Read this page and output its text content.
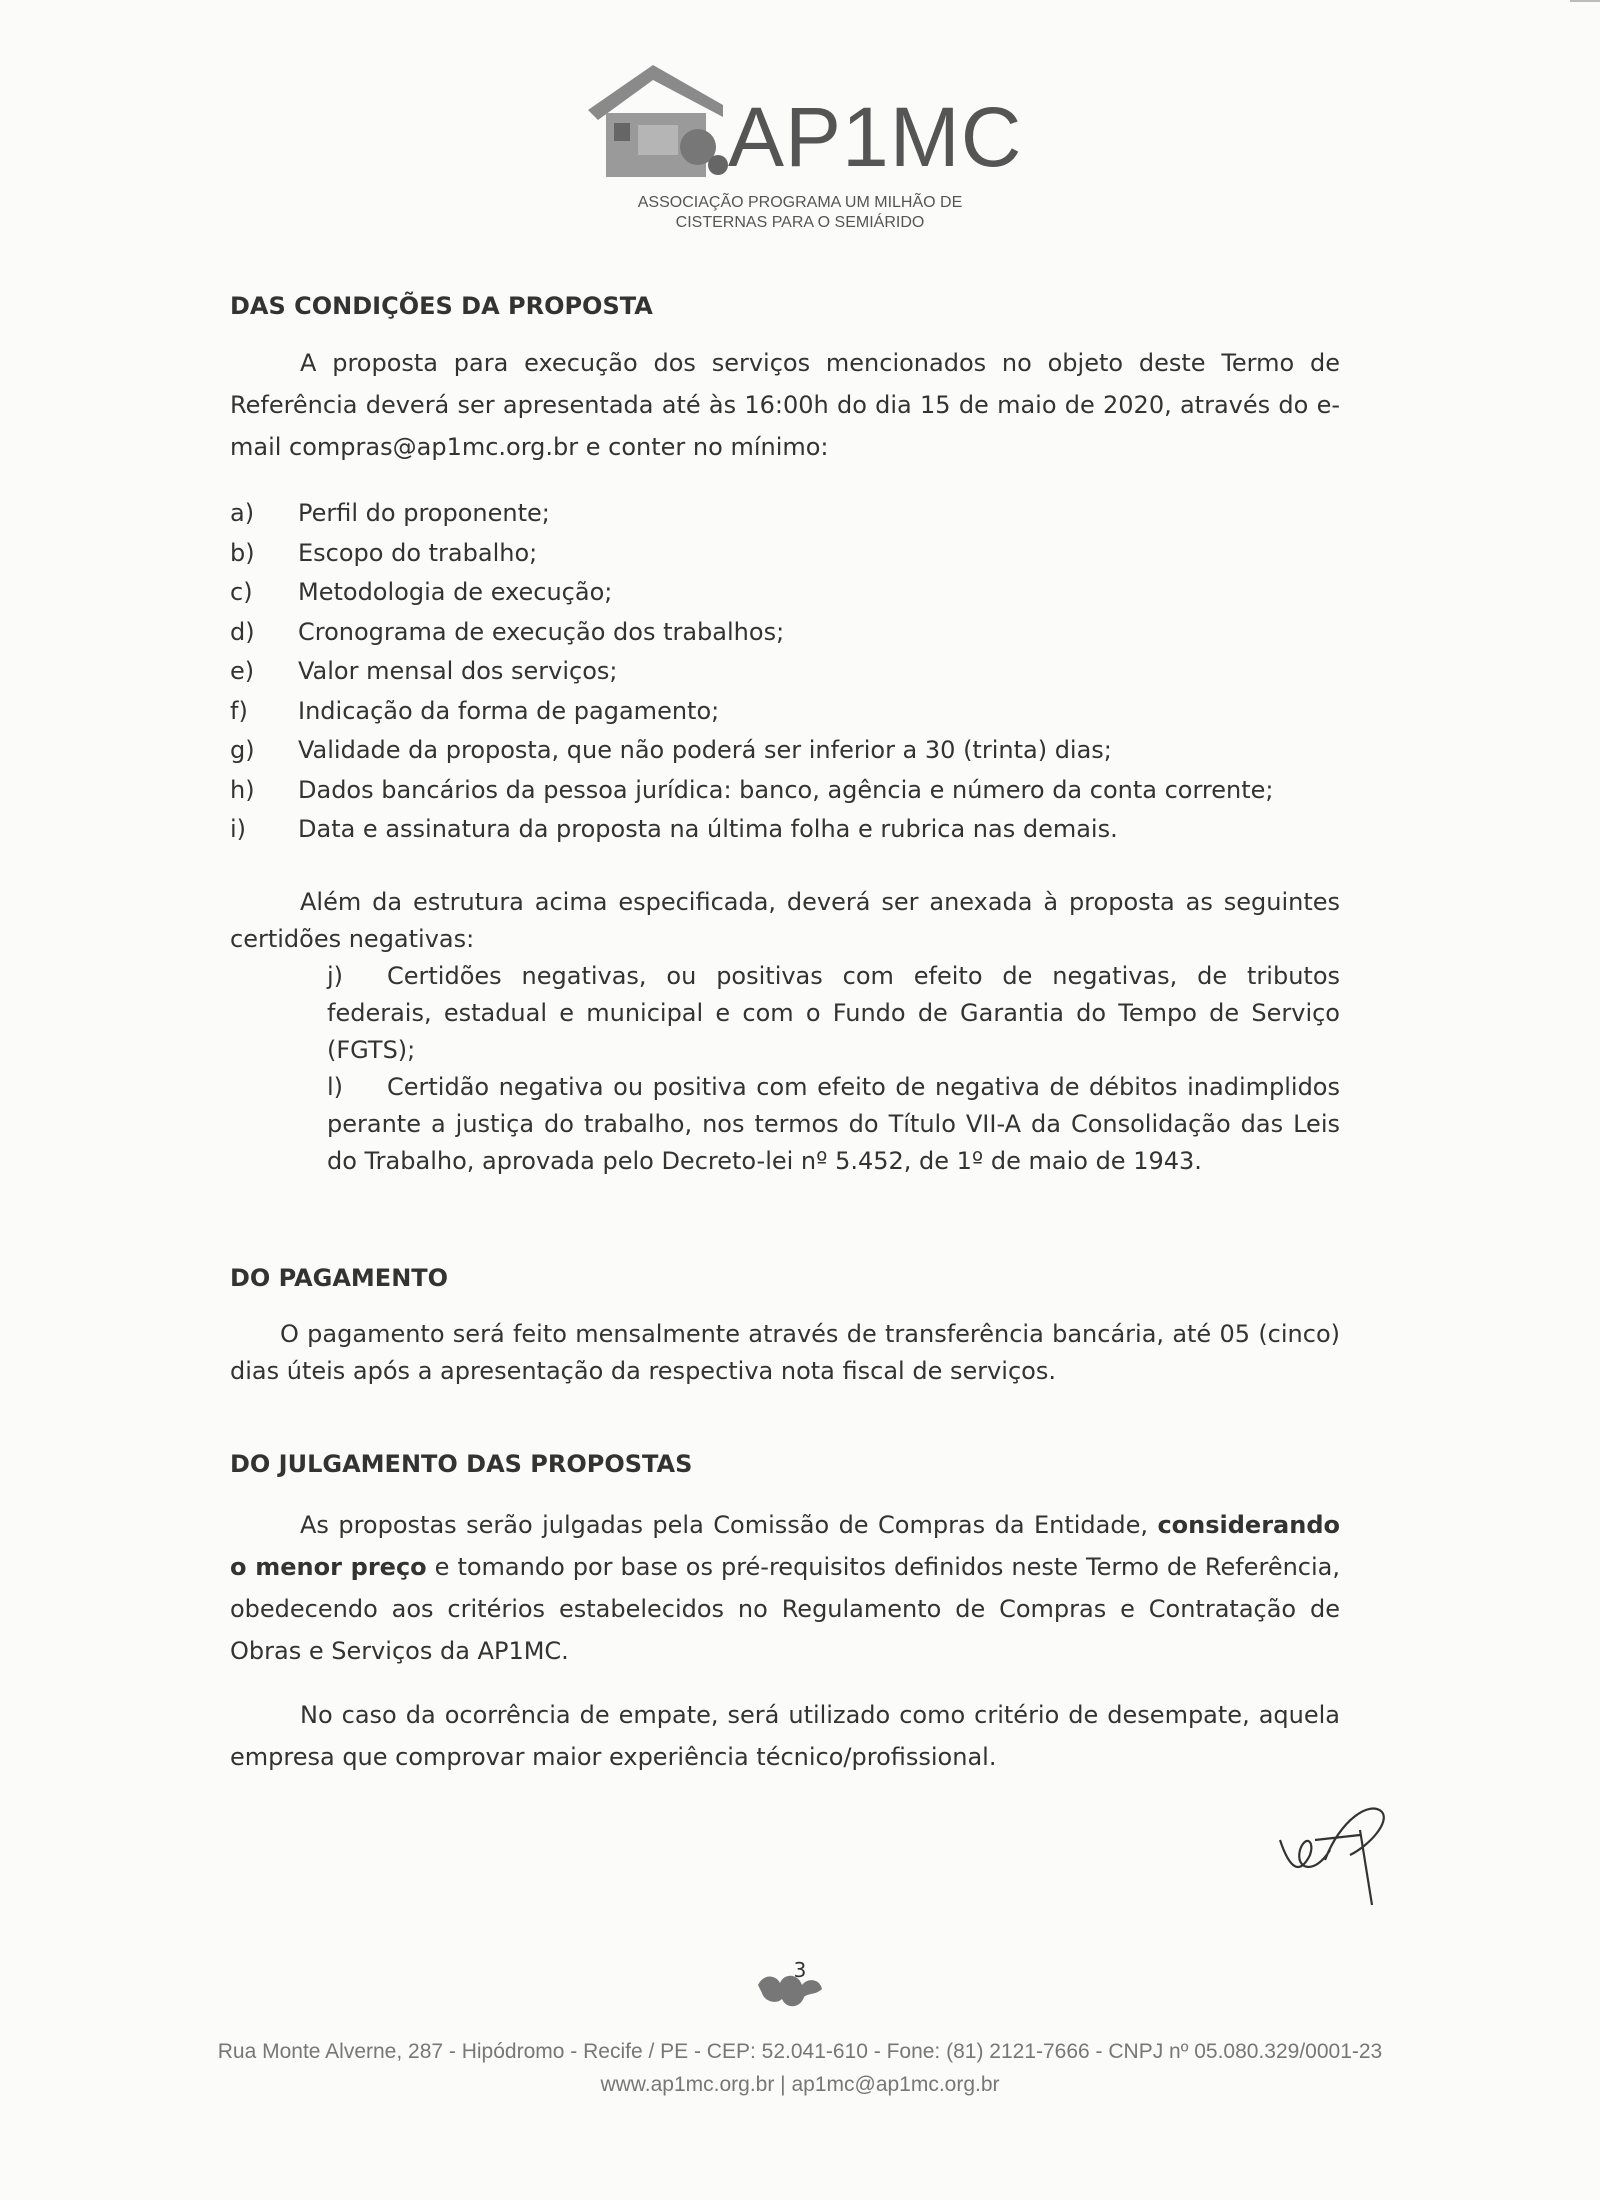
AP1MC
ASSOCIAÇÃO PROGRAMA UM MILHÃO DE
CISTERNAS PARA O SEMIÁRIDO
DAS CONDIÇÕES DA PROPOSTA

A proposta para execução dos serviços mencionados no objeto deste Termo de Referência deverá ser apresentada até às 16:00h do dia 15 de maio de 2020, através do e-mail compras@ap1mc.org.br e conter no mínimo:

a)	Perfil do proponente;
b)	Escopo do trabalho;
c)	Metodologia de execução;
d)	Cronograma de execução dos trabalhos;
e)	Valor mensal dos serviços;
f)	Indicação da forma de pagamento;
g)	Validade da proposta, que não poderá ser inferior a 30 (trinta) dias;
h)	Dados bancários da pessoa jurídica: banco, agência e número da conta corrente;
i)	Data e assinatura da proposta na última folha e rubrica nas demais.

Além da estrutura acima especificada, deverá ser anexada à proposta as seguintes certidões negativas:

j) Certidões negativas, ou positivas com efeito de negativas, de tributos federais, estadual e municipal e com o Fundo de Garantia do Tempo de Serviço (FGTS);
l) Certidão negativa ou positiva com efeito de negativa de débitos inadimplidos perante a justiça do trabalho, nos termos do Título VII-A da Consolidação das Leis do Trabalho, aprovada pelo Decreto-lei nº 5.452, de 1º de maio de 1943.
DO PAGAMENTO

O pagamento será feito mensalmente através de transferência bancária, até 05 (cinco) dias úteis após a apresentação da respectiva nota fiscal de serviços.

DO JULGAMENTO DAS PROPOSTAS

As propostas serão julgadas pela Comissão de Compras da Entidade, considerando o menor preço e tomando por base os pré-requisitos definidos neste Termo de Referência, obedecendo aos critérios estabelecidos no Regulamento de Compras e Contratação de Obras e Serviços da AP1MC.

No caso da ocorrência de empate, será utilizado como critério de desempate, aquela empresa que comprovar maior experiência técnico/profissional.

3
Rua Monte Alverne, 287 - Hipódromo - Recife / PE - CEP: 52.041-610 - Fone: (81) 2121-7666 - CNPJ nº 05.080.329/0001-23
www.ap1mc.org.br | ap1mc@ap1mc.org.br
